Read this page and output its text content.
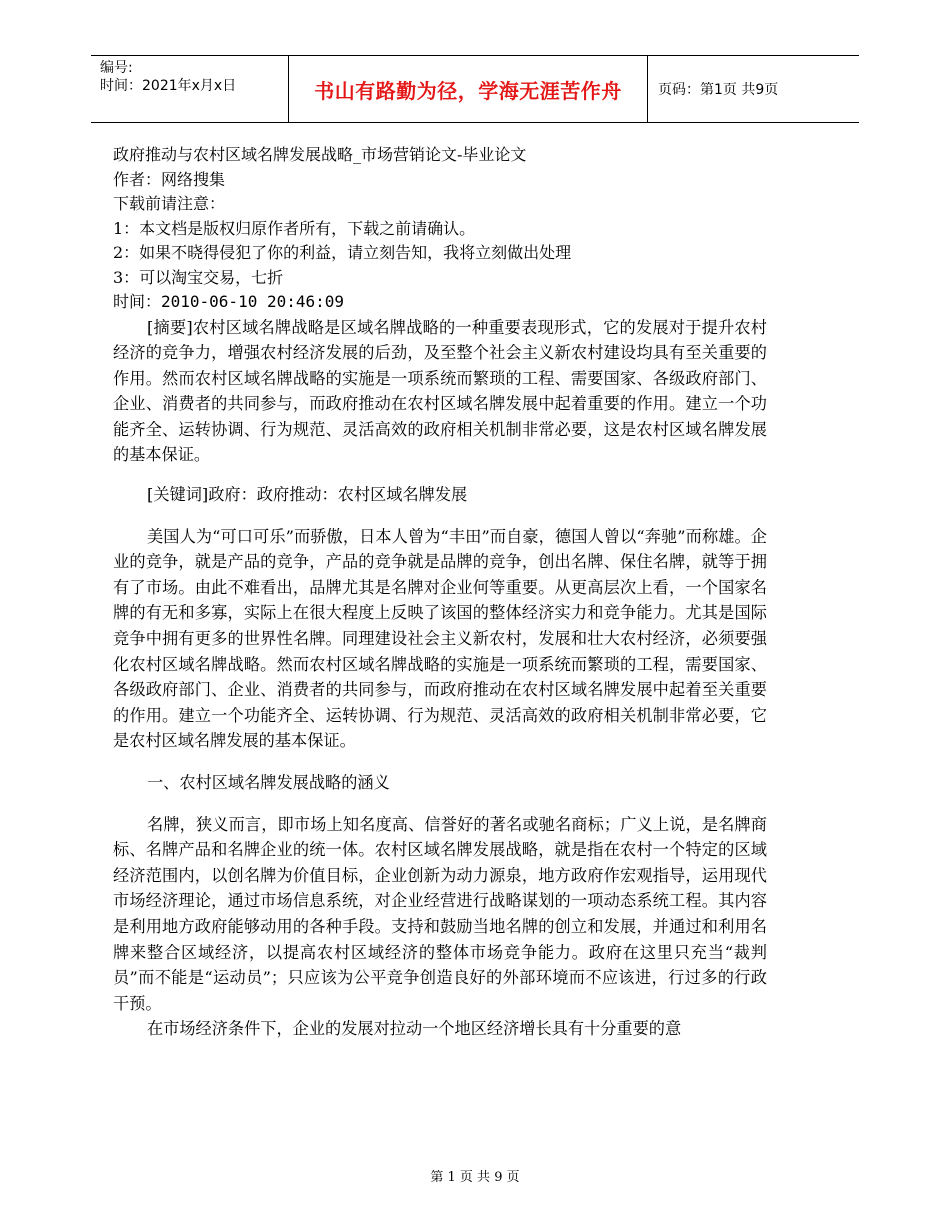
编号:
时间：2021年x月x日	书山有路勤为径，学海无涯苦作舟	页码：第1页 共9页
政府推动与农村区域名牌发展战略_市场营销论文-毕业论文
作者：网络搜集
下载前请注意：
1：本文档是版权归原作者所有，下载之前请确认。
2：如果不晓得侵犯了你的利益，请立刻告知，我将立刻做出处理
3：可以淘宝交易，七折
时间：2010-06-10 20:46:09

[摘要]农村区域名牌战略是区域名牌战略的一种重要表现形式，它的发展对于提升农村经济的竞争力，增强农村经济发展的后劲，及至整个社会主义新农村建设均具有至关重要的作用。然而农村区域名牌战略的实施是一项系统而繁琐的工程、需要国家、各级政府部门、企业、消费者的共同参与，而政府推动在农村区域名牌发展中起着重要的作用。建立一个功能齐全、运转协调、行为规范、灵活高效的政府相关机制非常必要，这是农村区域名牌发展的基本保证。

[关键词]政府：政府推动：农村区域名牌发展

美国人为“可口可乐”而骄傲，日本人曾为“丰田”而自豪，德国人曾以“奔驰”而称雄。企业的竞争，就是产品的竞争，产品的竞争就是品牌的竞争，创出名牌、保住名牌，就等于拥有了市场。由此不难看出，品牌尤其是名牌对企业何等重要。从更高层次上看，一个国家名牌的有无和多寡，实际上在很大程度上反映了该国的整体经济实力和竞争能力。尤其是国际竞争中拥有更多的世界性名牌。同理建设社会主义新农村，发展和壮大农村经济，必须要强化农村区域名牌战略。然而农村区域名牌战略的实施是一项系统而繁琐的工程，需要国家、各级政府部门、企业、消费者的共同参与，而政府推动在农村区域名牌发展中起着至关重要的作用。建立一个功能齐全、运转协调、行为规范、灵活高效的政府相关机制非常必要，它是农村区域名牌发展的基本保证。

一、农村区域名牌发展战略的涵义

名牌，狭义而言，即市场上知名度高、信誉好的著名或驰名商标；广义上说，是名牌商标、名牌产品和名牌企业的统一体。农村区域名牌发展战略，就是指在农村一个特定的区域经济范围内，以创名牌为价值目标，企业创新为动力源泉，地方政府作宏观指导，运用现代市场经济理论，通过市场信息系统，对企业经营进行战略谋划的一项动态系统工程。其内容是利用地方政府能够动用的各种手段。支持和鼓励当地名牌的创立和发展，并通过和利用名牌来整合区域经济，以提高农村区域经济的整体市场竞争能力。政府在这里只充当“裁判员”而不能是“运动员”；只应该为公平竞争创造良好的外部环境而不应该进，行过多的行政干预。

在市场经济条件下，企业的发展对拉动一个地区经济增长具有十分重要的意

第 1 页 共 9 页
